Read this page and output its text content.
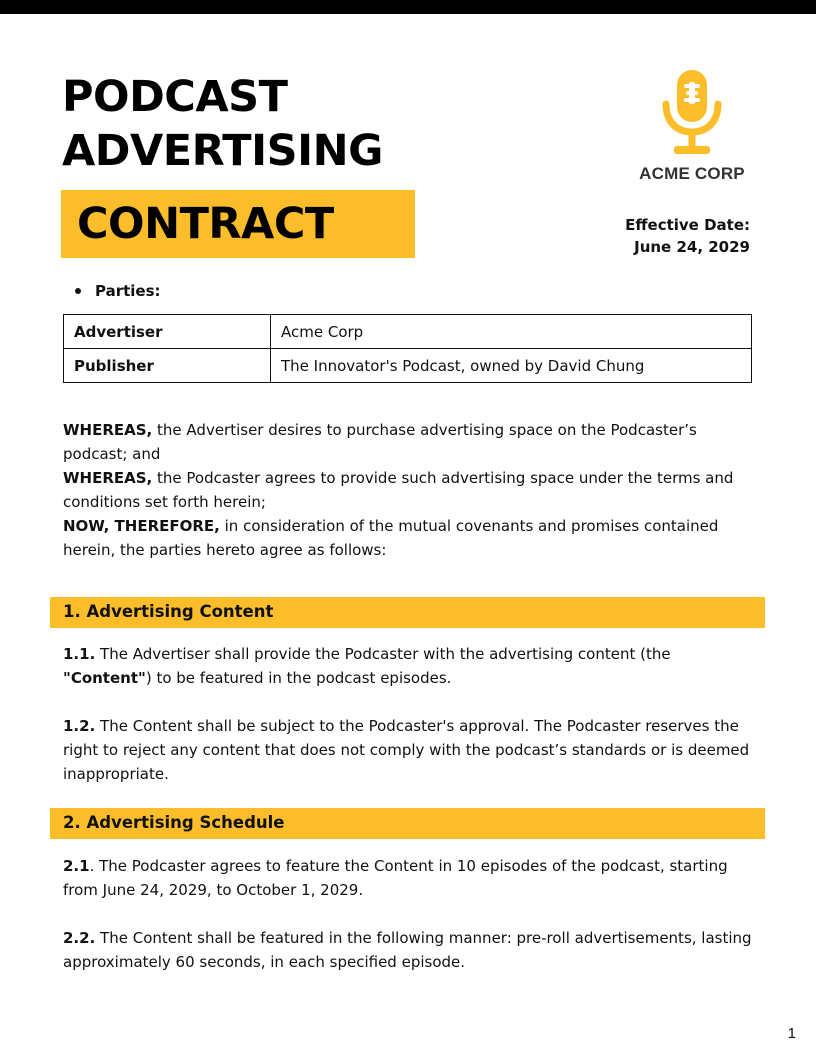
PODCAST
ADVERTISING
CONTRACT
ACME CORP
Effective Date:
June 24, 2029
Parties:
Advertiser	Acme Corp
Publisher	The Innovator's Podcast, owned by David Chung
WHEREAS, the Advertiser desires to purchase advertising space on the Podcaster’s podcast; and
WHEREAS, the Podcaster agrees to provide such advertising space under the terms and conditions set forth herein;
NOW, THEREFORE, in consideration of the mutual covenants and promises contained herein, the parties hereto agree as follows:
1. Advertising Content
1.1. The Advertiser shall provide the Podcaster with the advertising content (the "Content") to be featured in the podcast episodes.
1.2. The Content shall be subject to the Podcaster's approval. The Podcaster reserves the right to reject any content that does not comply with the podcast’s standards or is deemed inappropriate.
2. Advertising Schedule
2.1. The Podcaster agrees to feature the Content in 10 episodes of the podcast, starting from June 24, 2029, to October 1, 2029.
2.2. The Content shall be featured in the following manner: pre-roll advertisements, lasting approximately 60 seconds, in each specified episode.
1
